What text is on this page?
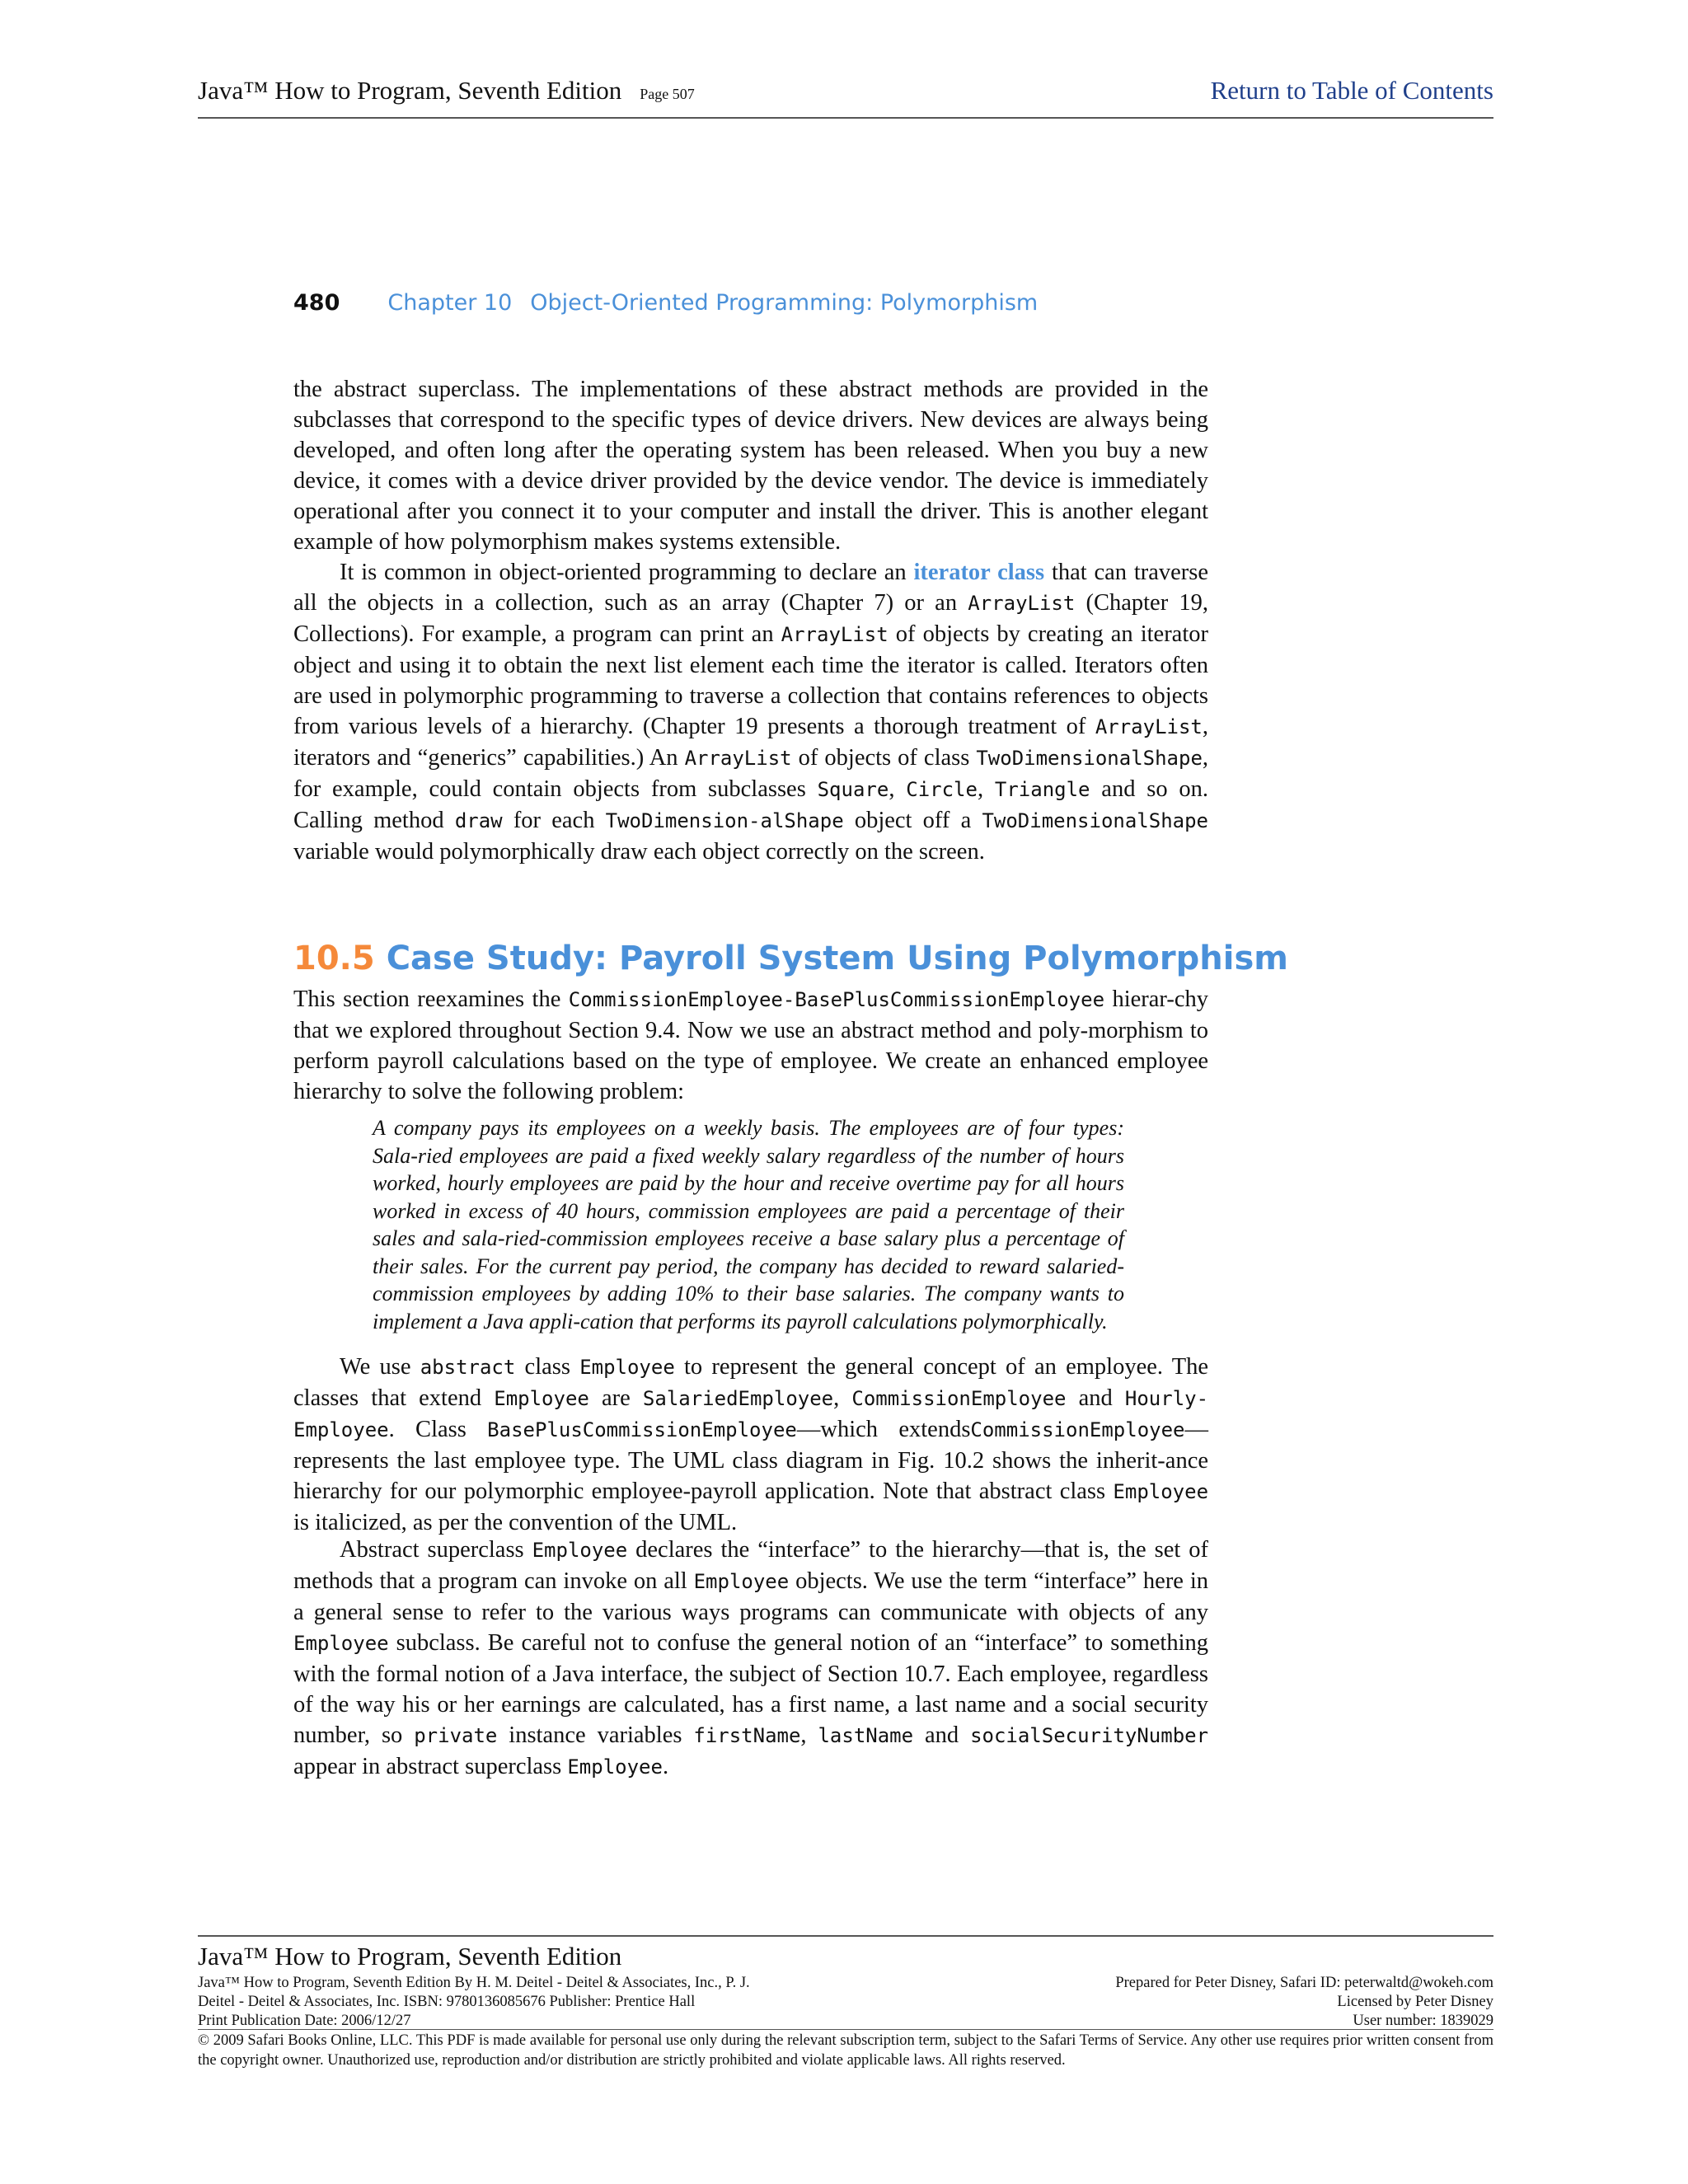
Java™ How to Program, Seventh Edition Page 507	Return to Table of Contents
480 Chapter 10 Object-Oriented Programming: Polymorphism
the abstract superclass. The implementations of these abstract methods are provided in the subclasses that correspond to the specific types of device drivers. New devices are always being developed, and often long after the operating system has been released. When you buy a new device, it comes with a device driver provided by the device vendor. The device is immediately operational after you connect it to your computer and install the driver. This is another elegant example of how polymorphism makes systems extensible.
It is common in object-oriented programming to declare an iterator class that can traverse all the objects in a collection, such as an array (Chapter 7) or an ArrayList (Chapter 19, Collections). For example, a program can print an ArrayList of objects by creating an iterator object and using it to obtain the next list element each time the iterator is called. Iterators often are used in polymorphic programming to traverse a collection that contains references to objects from various levels of a hierarchy. (Chapter 19 presents a thorough treatment of ArrayList, iterators and “generics” capabilities.) An ArrayList of objects of class TwoDimensionalShape, for example, could contain objects from subclasses Square, Circle, Triangle and so on. Calling method draw for each TwoDimension-alShape object off a TwoDimensionalShape variable would polymorphically draw each object correctly on the screen.
10.5 Case Study: Payroll System Using Polymorphism
This section reexamines the CommissionEmployee-BasePlusCommissionEmployee hierar-chy that we explored throughout Section 9.4. Now we use an abstract method and poly-morphism to perform payroll calculations based on the type of employee. We create an enhanced employee hierarchy to solve the following problem:
A company pays its employees on a weekly basis. The employees are of four types: Sala-ried employees are paid a fixed weekly salary regardless of the number of hours worked, hourly employees are paid by the hour and receive overtime pay for all hours worked in excess of 40 hours, commission employees are paid a percentage of their sales and sala-ried-commission employees receive a base salary plus a percentage of their sales. For the current pay period, the company has decided to reward salaried-commission employees by adding 10% to their base salaries. The company wants to implement a Java appli-cation that performs its payroll calculations polymorphically.
We use abstract class Employee to represent the general concept of an employee. The classes that extend Employee are SalariedEmployee, CommissionEmployee and Hourly-Employee. Class BasePlusCommissionEmployee—which extendsCommissionEmployee— represents the last employee type. The UML class diagram in Fig. 10.2 shows the inherit-ance hierarchy for our polymorphic employee-payroll application. Note that abstract class Employee is italicized, as per the convention of the UML.
Abstract superclass Employee declares the “interface” to the hierarchy—that is, the set of methods that a program can invoke on all Employee objects. We use the term “interface” here in a general sense to refer to the various ways programs can communicate with objects of any Employee subclass. Be careful not to confuse the general notion of an “interface” to something with the formal notion of a Java interface, the subject of Section 10.7. Each employee, regardless of the way his or her earnings are calculated, has a first name, a last name and a social security number, so private instance variables firstName, lastName and socialSecurityNumber appear in abstract superclass Employee.
Java™ How to Program, Seventh Edition
Java™ How to Program, Seventh Edition By H. M. Deitel - Deitel & Associates, Inc., P. J.
Deitel - Deitel & Associates, Inc. ISBN: 9780136085676 Publisher: Prentice Hall
Print Publication Date: 2006/12/27
Prepared for Peter Disney, Safari ID: peterwaltd@wokeh.com
Licensed by Peter Disney
User number: 1839029
© 2009 Safari Books Online, LLC. This PDF is made available for personal use only during the relevant subscription term, subject to the Safari Terms of Service. Any other use requires prior written consent from the copyright owner. Unauthorized use, reproduction and/or distribution are strictly prohibited and violate applicable laws. All rights reserved.
